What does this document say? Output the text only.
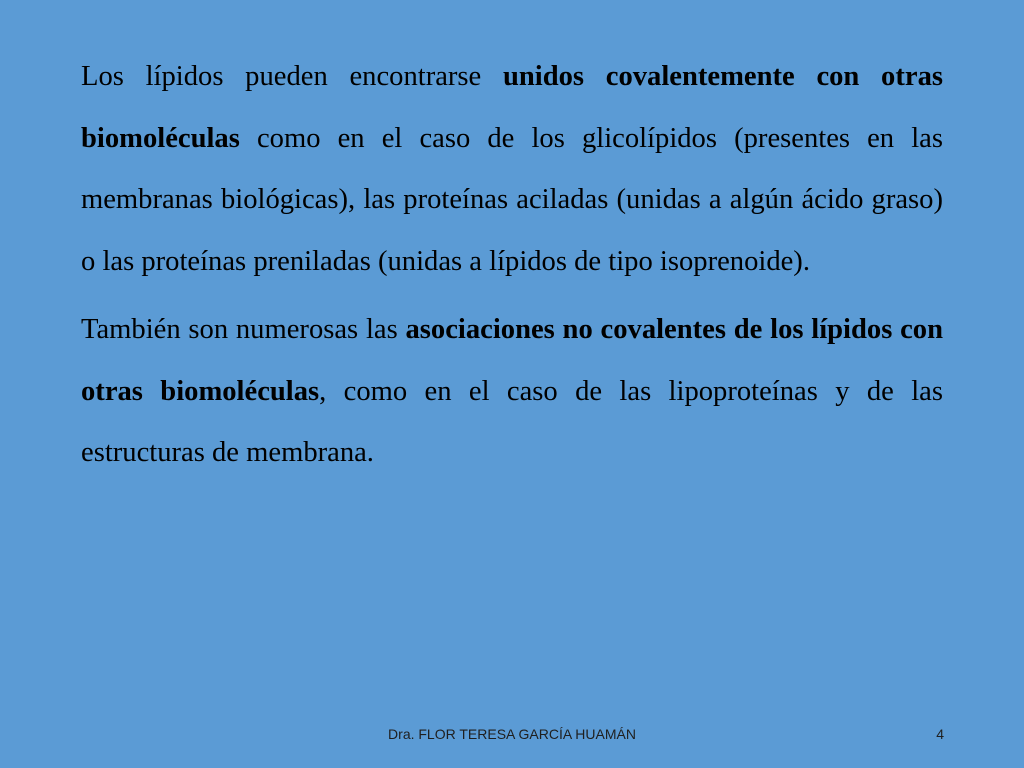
Los lípidos pueden encontrarse unidos covalentemente con otras biomoléculas como en el caso de los glicolípidos (presentes en las membranas biológicas), las proteínas aciladas (unidas a algún ácido graso) o las proteínas preniladas (unidas a lípidos de tipo isoprenoide).

También son numerosas las asociaciones no covalentes de los lípidos con otras biomoléculas, como en el caso de las lipoproteínas y de las estructuras de membrana.

Dra. FLOR TERESA GARCÍA HUAMÁN	4
